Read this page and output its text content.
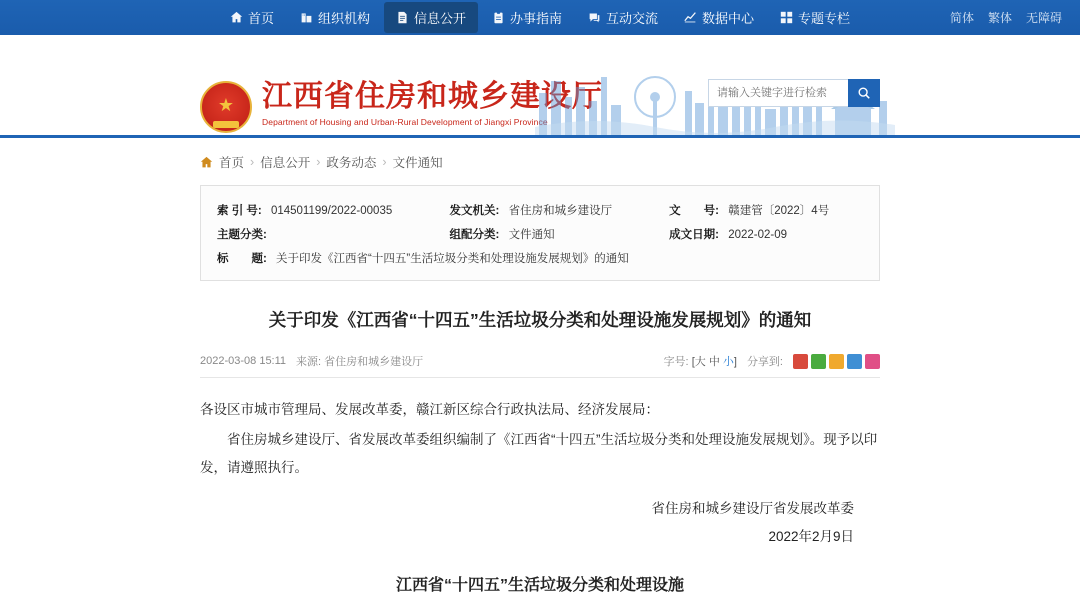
首页	组织机构	信息公开	办事指南	互动交流	数据中心	专题专栏	简体 繁体 无障碍
★ 江西省住房和城乡建设厅
Department of Housing and Urban-Rural Development of Jiangxi Province
请输入关键字进行检索
首页 › 信息公开 › 政务动态 › 文件通知
索 引 号: 014501199/2022-00035	发文机关: 省住房和城乡建设厅	文　　号: 赣建管〔2022〕4号
主题分类:	组配分类: 文件通知	成文日期: 2022-02-09
标　　题: 关于印发《江西省“十四五”生活垃圾分类和处理设施发展规划》的通知		
关于印发《江西省“十四五”生活垃圾分类和处理设施发展规划》的通知
2022-03-08 15:11 来源: 省住房和城乡建设厅	字号: [大 中 小] 分享到:

各设区市城市管理局、发展改革委，赣江新区综合行政执法局、经济发展局：

省住房城乡建设厅、省发展改革委组织编制了《江西省“十四五”生活垃圾分类和处理设施发展规划》。现予以印发，请遵照执行。

省住房和城乡建设厅省发展改革委
2022年2月9日
江西省“十四五”生活垃圾分类和处理设施
